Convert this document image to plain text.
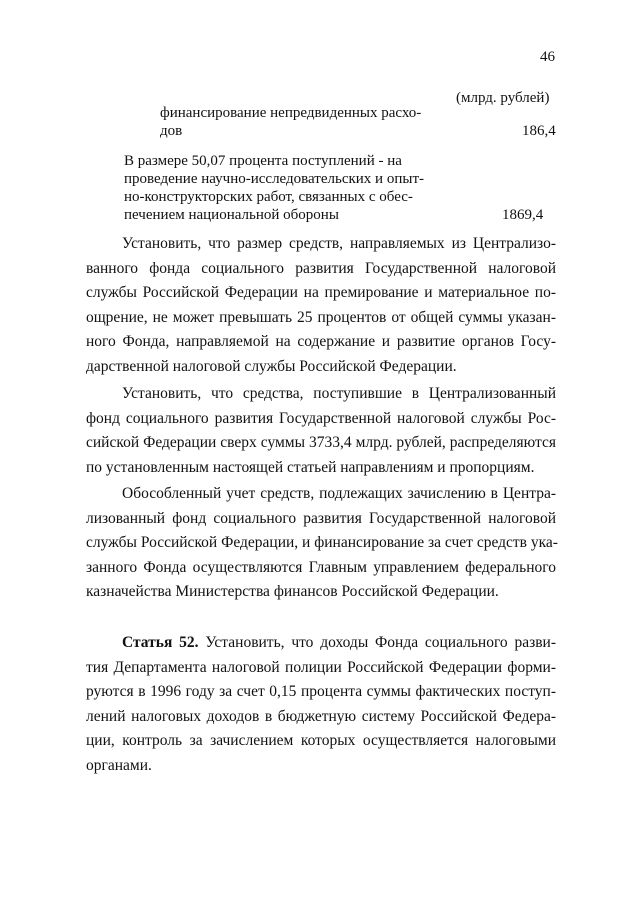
46
(млрд. рублей)
финансирование непредвиденных расхо-
дов	186,4
В размере 50,07 процента поступлений - на
проведение научно-исследовательских и опыт-
но-конструкторских работ, связанных с обес-
печением национальной обороны	1869,4

Установить, что размер средств, направляемых из Централизо-
ванного фонда социального развития Государственной налоговой
службы Российской Федерации на премирование и материальное по-
ощрение, не может превышать 25 процентов от общей суммы указан-
ного Фонда, направляемой на содержание и развитие органов Госу-
дарственной налоговой службы Российской Федерации.

Установить, что средства, поступившие в Централизованный
фонд социального развития Государственной налоговой службы Рос-
сийской Федерации сверх суммы 3733,4 млрд. рублей, распределяются
по установленным настоящей статьей направлениям и пропорциям.

Обособленный учет средств, подлежащих зачислению в Центра-
лизованный фонд социального развития Государственной налоговой
службы Российской Федерации, и финансирование за счет средств ука-
занного Фонда осуществляются Главным управлением федерального
казначейства Министерства финансов Российской Федерации.

Статья 52. Установить, что доходы Фонда социального разви-
тия Департамента налоговой полиции Российской Федерации форми-
руются в 1996 году за счет 0,15 процента суммы фактических поступ-
лений налоговых доходов в бюджетную систему Российской Федера-
ции, контроль за зачислением которых осуществляется налоговыми
органами.
